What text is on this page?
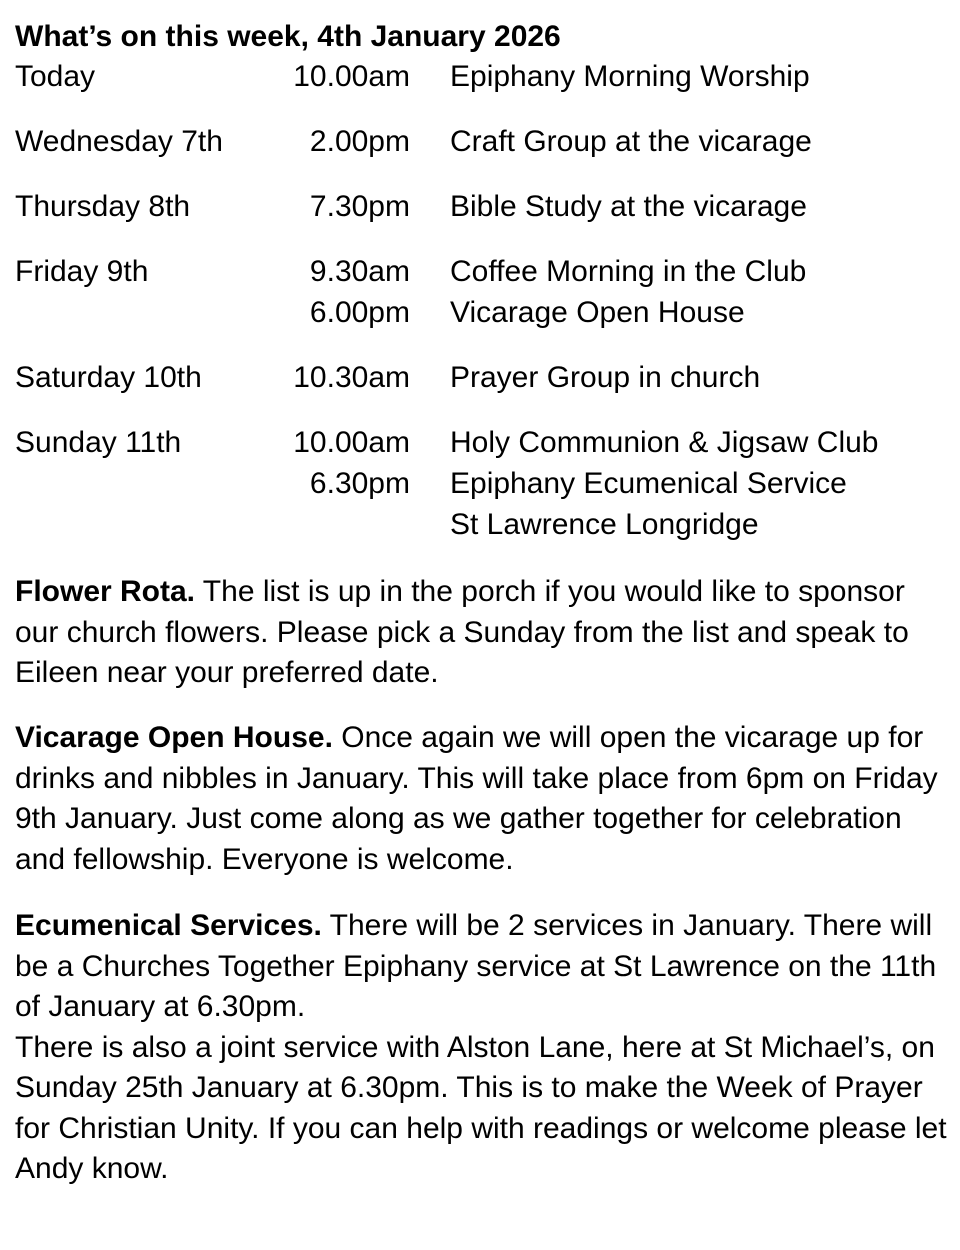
What’s on this week, 4th January 2026
Today	10.00am Epiphany Morning Worship
Wednesday 7th	2.00pm Craft Group at the vicarage
Thursday 8th	7.30pm Bible Study at the vicarage
Friday 9th	9.30am Coffee Morning in the Club
6.00pm Vicarage Open House
Saturday 10th	10.30am Prayer Group in church
Sunday 11th	10.00am Holy Communion & Jigsaw Club
6.30pm Epiphany Ecumenical Service
St Lawrence Longridge
Flower Rota. The list is up in the porch if you would like to sponsor our church flowers. Please pick a Sunday from the list and speak to Eileen near your preferred date.
Vicarage Open House. Once again we will open the vicarage up for drinks and nibbles in January. This will take place from 6pm on Friday 9th January. Just come along as we gather together for celebration and fellowship. Everyone is welcome.

Ecumenical Services. There will be 2 services in January. There will be a Churches Together Epiphany service at St Lawrence on the 11th of January at 6.30pm.

There is also a joint service with Alston Lane, here at St Michael’s, on Sunday 25th January at 6.30pm. This is to make the Week of Prayer for Christian Unity. If you can help with readings or welcome please let Andy know.
